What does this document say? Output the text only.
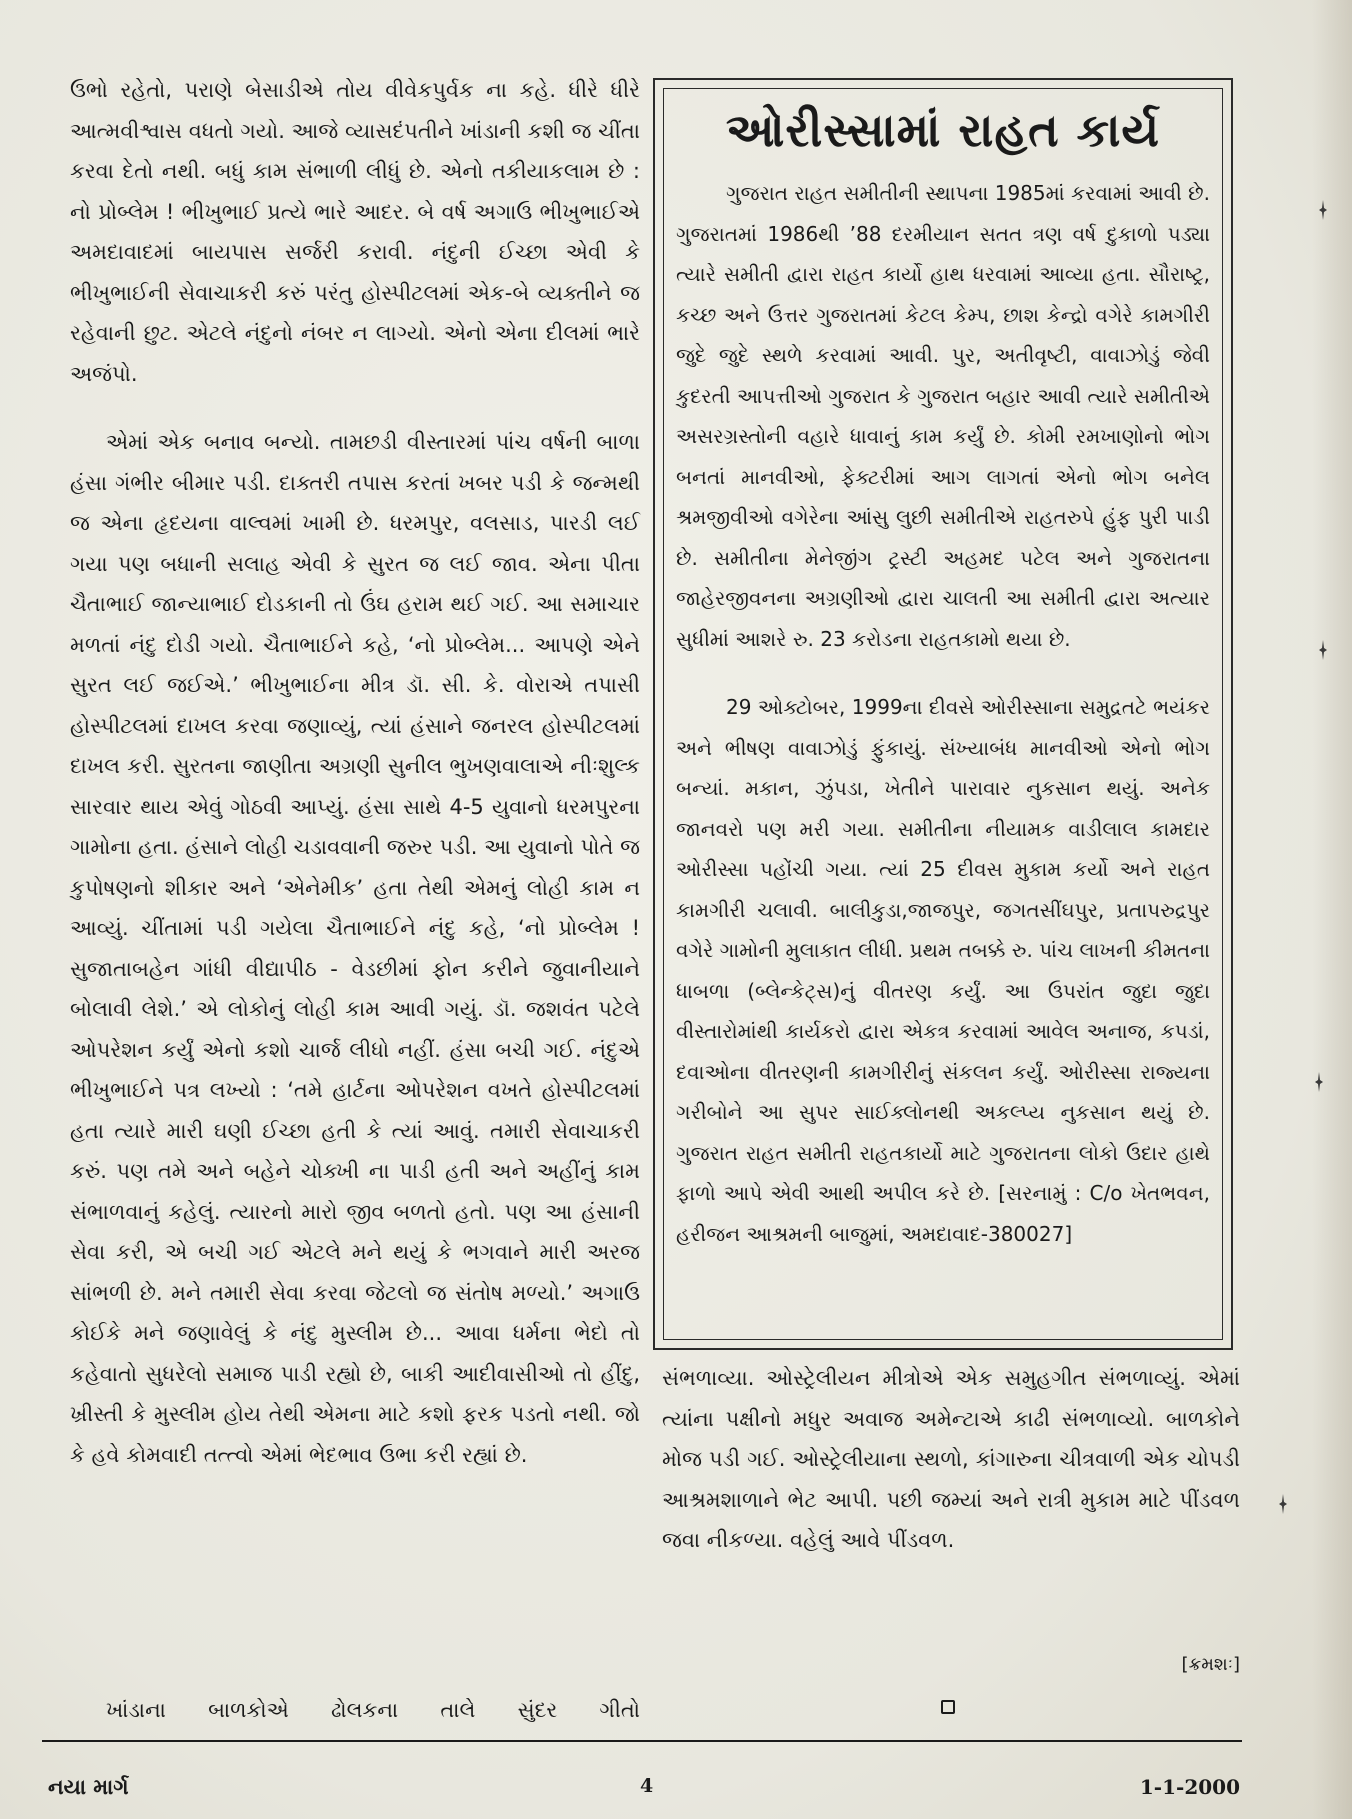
ઉભો રહેતો, પરાણે બેસાડીએ તોય વીવેકપુર્વક ના કહે. ધીરે ધીરે આત્મવીશ્વાસ વધતો ગયો. આજે વ્યાસદંપતીને ખાંડાની કશી જ ચીંતા કરવા દેતો નથી. બધું કામ સંભાળી લીધું છે. એનો તકીયાકલામ છે : નો પ્રોબ્લેમ ! ભીખુભાઈ પ્રત્યે ભારે આદર. બે વર્ષ અગાઉ ભીખુભાઈએ અમદાવાદમાં બાયપાસ સર્જરી કરાવી. નંદુની ઈચ્છા એવી કે ભીખુભાઈની સેવાચાકરી કરું પરંતુ હોસ્પીટલમાં એક-બે વ્યક્તીને જ રહેવાની છુટ. એટલે નંદુનો નંબર ન લાગ્યો. એનો એના દીલમાં ભારે અજંપો.

એમાં એક બનાવ બન્યો. તામછડી વીસ્તારમાં પાંચ વર્ષની બાળા હંસા ગંભીર બીમાર પડી. દાક્તરી તપાસ કરતાં ખબર પડી કે જન્મથી જ એના હૃદયના વાલ્વમાં ખામી છે. ધરમપુર, વલસાડ, પારડી લઈ ગયા પણ બધાની સલાહ એવી કે સુરત જ લઈ જાવ. એના પીતા ચૈતાભાઈ જાન્યાભાઈ દોડકાની તો ઉંઘ હરામ થઈ ગઈ. આ સમાચાર મળતાં નંદુ દોડી ગયો. ચૈતાભાઈને કહે, ‘નો પ્રોબ્લેમ... આપણે એને સુરત લઈ જઈએ.’ ભીખુભાઈના મીત્ર ડૉ. સી. કે. વોરાએ તપાસી હોસ્પીટલમાં દાખલ કરવા જણાવ્યું, ત્યાં હંસાને જનરલ હોસ્પીટલમાં દાખલ કરી. સુરતના જાણીતા અગ્રણી સુનીલ ભુખણવાલાએ નીઃશુલ્ક સારવાર થાય એવું ગોઠવી આપ્યું. હંસા સાથે 4-5 યુવાનો ધરમપુરના ગામોના હતા. હંસાને લોહી ચડાવવાની જરુર પડી. આ યુવાનો પોતે જ કુપોષણનો શીકાર અને ‘એનેમીક’ હતા તેથી એમનું લોહી કામ ન આવ્યું. ચીંતામાં પડી ગયેલા ચૈતાભાઈને નંદુ કહે, ‘નો પ્રોબ્લેમ ! સુજાતાબહેન ગાંધી વીદ્યાપીઠ - વેડછીમાં ફોન કરીને જુવાનીયાને બોલાવી લેશે.’ એ લોકોનું લોહી કામ આવી ગયું. ડૉ. જશવંત પટેલે ઓપરેશન કર્યું એનો કશો ચાર્જ લીધો નહીં. હંસા બચી ગઈ. નંદુએ ભીખુભાઈને પત્ર લખ્યો : ‘તમે હાર્ટના ઓપરેશન વખતે હોસ્પીટલમાં હતા ત્યારે મારી ઘણી ઈચ્છા હતી કે ત્યાં આવું. તમારી સેવાચાકરી કરું. પણ તમે અને બહેને ચોક્ખી ના પાડી હતી અને અહીંનું કામ સંભાળવાનું કહેલું. ત્યારનો મારો જીવ બળતો હતો. પણ આ હંસાની સેવા કરી, એ બચી ગઈ એટલે મને થયું કે ભગવાને મારી અરજ સાંભળી છે. મને તમારી સેવા કરવા જેટલો જ સંતોષ મળ્યો.’ અગાઉ કોઈકે મને જણાવેલું કે નંદુ મુસ્લીમ છે... આવા ધર્મના ભેદો તો કહેવાતો સુધરેલો સમાજ પાડી રહ્યો છે, બાકી આદીવાસીઓ તો હીંદુ, ખ્રીસ્તી કે મુસ્લીમ હોય તેથી એમના માટે કશો ફરક પડતો નથી. જો કે હવે કોમવાદી તત્ત્વો એમાં ભેદભાવ ઉભા કરી રહ્યાં છે.

ખાંડાના બાળકોએ ઢોલકના તાલે સુંદર ગીતો
ઓરીસ્સામાં રાહત કાર્ય

ગુજરાત રાહત સમીતીની સ્થાપના 1985માં કરવામાં આવી છે. ગુજરાતમાં 1986થી ’88 દરમીયાન સતત ત્રણ વર્ષ દુકાળો પડ્યા ત્યારે સમીતી દ્વારા રાહત કાર્યો હાથ ધરવામાં આવ્યા હતા. સૌરાષ્ટ્ર, કચ્છ અને ઉત્તર ગુજરાતમાં કેટલ કેમ્પ, છાશ કેન્દ્રો વગેરે કામગીરી જુદે જુદે સ્થળે કરવામાં આવી. પુર, અતીવૃષ્ટી, વાવાઝોડું જેવી કુદરતી આપત્તીઓ ગુજરાત કે ગુજરાત બહાર આવી ત્યારે સમીતીએ અસરગ્રસ્તોની વહારે ધાવાનું કામ કર્યું છે. કોમી રમખાણોનો ભોગ બનતાં માનવીઓ, ફેક્ટરીમાં આગ લાગતાં એનો ભોગ બનેલ શ્રમજીવીઓ વગેરેના આંસુ લુછી સમીતીએ રાહતરુપે હુંફ પુરી પાડી છે. સમીતીના મેનેજીંગ ટ્રસ્ટી અહમદ પટેલ અને ગુજરાતના જાહેરજીવનના અગ્રણીઓ દ્વારા ચાલતી આ સમીતી દ્વારા અત્યાર સુધીમાં આશરે રુ. 23 કરોડના રાહતકામો થયા છે.

29 ઓક્ટોબર, 1999ના દીવસે ઓરીસ્સાના સમુદ્રતટે ભયંકર અને ભીષણ વાવાઝોડું ફુંકાયું. સંખ્યાબંધ માનવીઓ એનો ભોગ બન્યાં. મકાન, ઝુંપડા, ખેતીને પારાવાર નુકસાન થયું. અનેક જાનવરો પણ મરી ગયા. સમીતીના નીયામક વાડીલાલ કામદાર ઓરીસ્સા પહોંચી ગયા. ત્યાં 25 દીવસ મુકામ કર્યો અને રાહત કામગીરી ચલાવી. બાલીકુડા,જાજપુર, જગતસીંઘપુર, પ્રતાપરુદ્રપુર વગેરે ગામોની મુલાકાત લીધી. પ્રથમ તબક્કે રુ. પાંચ લાખની કીમતના ધાબળા (બ્લેન્કેટ્સ)નું વીતરણ કર્યું. આ ઉપરાંત જુદા જુદા વીસ્તારોમાંથી કાર્યકરો દ્વારા એકત્ર કરવામાં આવેલ અનાજ, કપડાં, દવાઓના વીતરણની કામગીરીનું સંકલન કર્યું. ઓરીસ્સા રાજ્યના ગરીબોને આ સુપર સાઈક્લોનથી અકલ્પ્ય નુકસાન થયું છે. ગુજરાત રાહત સમીતી રાહતકાર્યો માટે ગુજરાતના લોકો ઉદાર હાથે ફાળો આપે એવી આથી અપીલ કરે છે. [સરનામું : C/o ખેતભવન, હરીજન આશ્રમની બાજુમાં, અમદાવાદ-380027]

સંભળાવ્યા. ઓસ્ટ્રેલીયન મીત્રોએ એક સમુહગીત સંભળાવ્યું. એમાં ત્યાંના પક્ષીનો મધુર અવાજ અમેન્ટાએ કાઢી સંભળાવ્યો. બાળકોને મોજ પડી ગઈ. ઓસ્ટ્રેલીયાના સ્થળો, કાંગારુના ચીત્રવાળી એક ચોપડી આશ્રમશાળાને ભેટ આપી. પછી જમ્યાં અને રાત્રી મુકામ માટે પીંડવળ જવા નીકળ્યા. વહેલું આવે પીંડવળ.

[ક્રમશઃ]
નયા માર્ગ	4	1-1-2000
